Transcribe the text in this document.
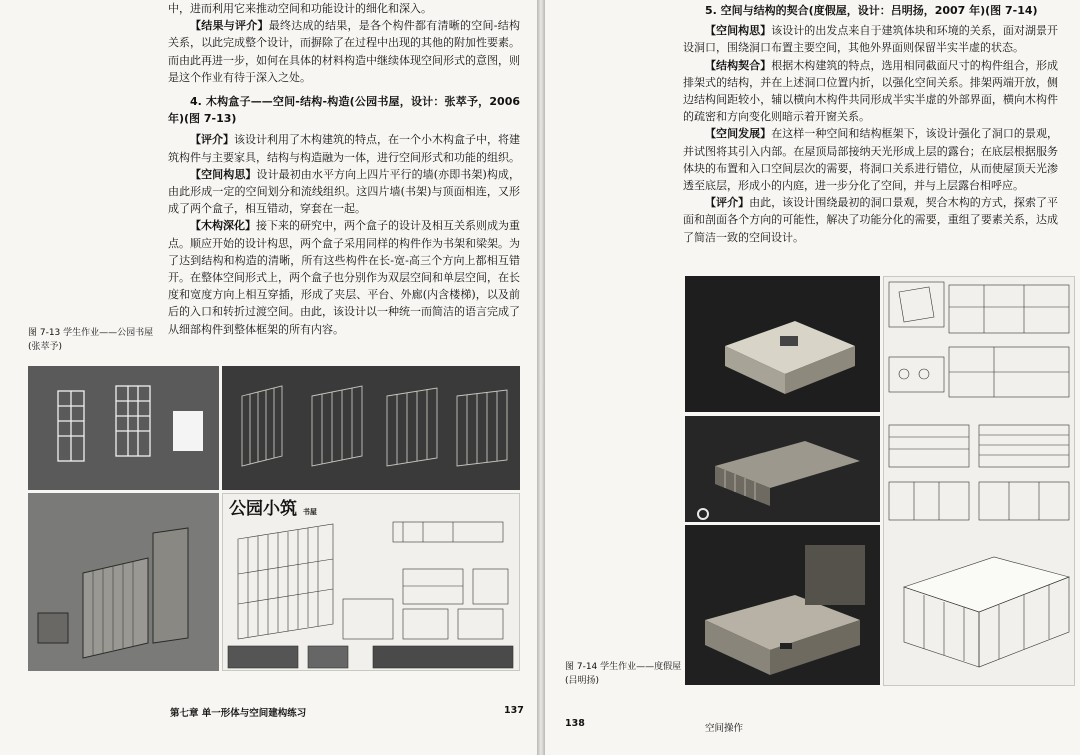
中，进而利用它来推动空间和功能设计的细化和深入。

【结果与评介】最终达成的结果，是各个构件都有清晰的空间-结构关系，以此完成整个设计，而摒除了在过程中出现的其他的附加性要素。而由此再进一步，如何在具体的材料构造中继续体现空间形式的意图，则是这个作业有待于深入之处。

4. 木构盒子——空间-结构-构造(公园书屋，设计：张萃予，2006 年)(图 7-13)

【评介】该设计利用了木构建筑的特点，在一个小木构盒子中，将建筑构件与主要家具，结构与构造融为一体，进行空间形式和功能的组织。

【空间构思】设计最初由水平方向上四片平行的墙(亦即书架)构成，由此形成一定的空间划分和流线组织。这四片墙(书架)与顶面相连，又形成了两个盒子，相互错动，穿套在一起。

【木构深化】接下来的研究中，两个盒子的设计及相互关系则成为重点。顺应开始的设计构思，两个盒子采用同样的构件作为书架和梁架。为了达到结构和构造的清晰，所有这些构件在长-宽-高三个方向上都相互错开。在整体空间形式上，两个盒子也分别作为双层空间和单层空间，在长度和宽度方向上相互穿插，形成了夹层、平台、外廊(内含楼梯)，以及前后的入口和转折过渡空间。由此，该设计以一种统一而简洁的语言完成了从细部构件到整体框架的所有内容。

图 7-13 学生作业——公园书屋(张萃予)
公园小筑 书屋
第七章 单一形体与空间建构练习	137

5. 空间与结构的契合(度假屋，设计：吕明扬，2007 年)(图 7-14)

【空间构思】该设计的出发点来自于建筑体块和环境的关系，面对湖景开设洞口，围绕洞口布置主要空间，其他外界面则保留半实半虚的状态。

【结构契合】根据木构建筑的特点，选用相同截面尺寸的构件组合，形成排架式的结构，并在上述洞口位置内折，以强化空间关系。排架两端开放，侧边结构间距较小，辅以横向木构件共同形成半实半虚的外部界面，横向木构件的疏密和方向变化则暗示着开窗关系。

【空间发展】在这样一种空间和结构框架下，该设计强化了洞口的景观，并试图将其引入内部。在屋顶局部接纳天光形成上层的露台；在底层根据服务体块的布置和入口空间层次的需要，将洞口关系进行错位，从而使屋顶天光渗透至底层，形成小的内庭，进一步分化了空间，并与上层露台相呼应。

【评介】由此，该设计围绕最初的洞口景观，契合木构的方式，探索了平面和剖面各个方向的可能性，解决了功能分化的需要，重组了要素关系，达成了简洁一致的空间设计。

图 7-14 学生作业——度假屋(吕明扬)
138	空间操作
